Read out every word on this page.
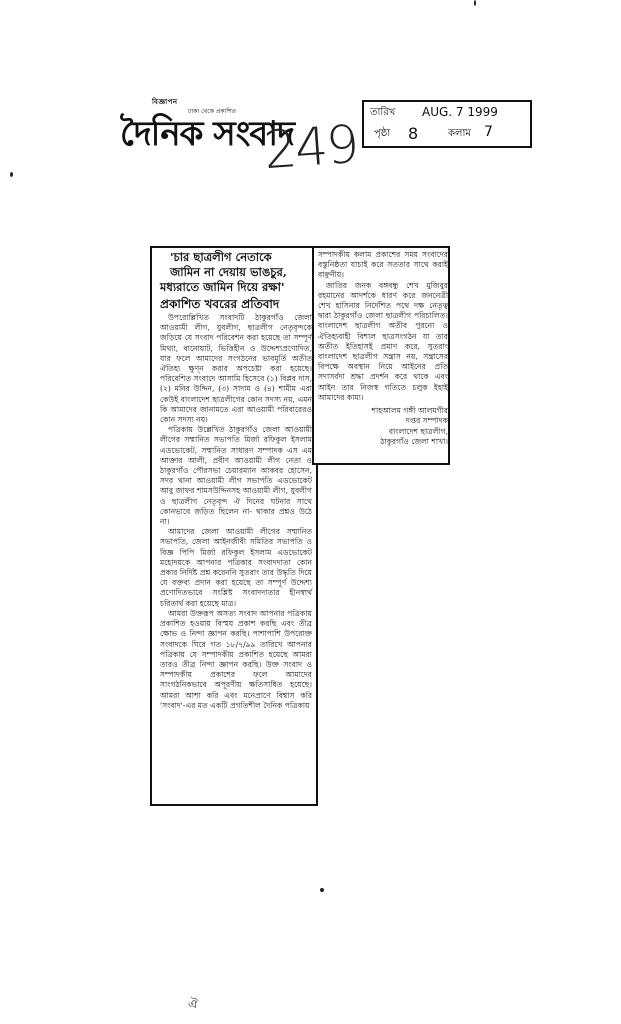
বিজ্ঞাপন
ঢাকা থেকে প্রকাশিত
দৈনিক সংবাদ
249
তারিখ AUG. 7 1999
পৃষ্ঠা 8	কলাম 7

'চার ছাত্রলীগ নেতাকে

জামিন না দেয়ায় ভাঙচুর,

মধ্যরাতে জামিন দিয়ে রক্ষা'

প্রকাশিত খবরের প্রতিবাদ

উপরোল্লিখিত সংবাদটি ঠাকুরগাঁও জেলা আওয়ামী লীগ, যুবলীগ, ছাত্রলীগ নেতৃবৃন্দকে জড়িয়ে যে সংবাদ পরিবেশন করা হয়েছে তা সম্পূর্ণ মিথ্যা, বানোয়াট, ভিত্তিহীন ও উদ্দেশ্যপ্রণোদিত, যার ফলে আমাদের সংগঠনের ভাবমূর্তি অতীত ঐতিহ্য ক্ষুণ্ন করার অপচেষ্টা করা হয়েছে। পরিবেশিত সংবাদে আসামি হিসেবে (১) বিপ্লব দাস, (২) মনির উদ্দিন, (৩) সাদাম ও (৪) শামীম এরা কেউই বাংলাদেশ ছাত্রলীগের কোন সদস্য নয়, এমন কি আমাদের জানামতে এরা আওয়ামী পরিবারেরও কোন সদস্য নয়।

পত্রিকায় উল্লেখিত ঠাকুরগাঁও জেলা আওয়ামী লীগের সম্মানিত সভাপতি মির্জা রফিকুল ইসলাম এডভোকেট, সম্মানিত সাধারণ সম্পাদক এস এম আক্তার আলী, প্রবীণ আওয়ামী লীগ নেতা ও ঠাকুরগাঁও পৌরসভা চেয়ারম্যান আকবর হোসেন, সদর থানা আওয়ামী লীগ সভাপতি এডভোকেট আবু জাফর শামসউদ্দিনসহ আওয়ামী লীগ, যুবলীগ ও ছাত্রলীগ নেতৃবৃন্দ ঐ দিনের ঘটনার সাথে কোনভাবে জড়িত ছিলেন না- থাকার প্রশ্নও উঠে না।

আমাদের জেলা আওয়ামী লীগের সম্মানিত সভাপতি, জেলা আইনজীবী সমিতির সভাপতি ও বিজ্ঞ পিপি মির্জা রফিকুল ইসলাম এডভোকেট মহোদয়কে আপনার পত্রিকার সংবাদদাতা কোন প্রকার নির্দিষ্ট প্রশ্ন করেননি সুতরাং তার উদ্ধৃতি দিয়ে যে বক্তব্য প্রদান করা হয়েছে তা সম্পূর্ণ উদ্দেশ্য প্রণোদিতভাবে সংশ্লিষ্ট সংবাদদাতার হীনস্বার্থ চরিতার্থ করা হয়েছে মাত্র।

আমরা উক্তরূপ অসত্য সংবাদ আপনার পত্রিকায় প্রকাশিত হওয়ায় বিস্ময় প্রকাশ করছি এবং তীব্র ক্ষোভ ও নিন্দা জ্ঞাপন করছি। পাশাপাশি উপরোক্ত সংবাদকে ঘিরে গত ১৮/৭/৯৯ তারিখে আপনার পত্রিকায় যে সম্পাদকীয় প্রকাশিত হয়েছে আমরা তারও তীব্র নিন্দা জ্ঞাপন করছি। উক্ত সংবাদ ও সম্পাদকীয় প্রকাশের ফলে আমাদের সাংগঠনিকভাবে অপূরণীয় ক্ষতিসাধিত হয়েছে। আমরা আশা করি এবং মনেপ্রাণে বিশ্বাস করি 'সংবাদ'-এর মত একটি প্রগতিশীল দৈনিক পত্রিকায়

সম্পাদকীয় কলাম প্রকাশের সময় সংবাদের বস্তুনিষ্ঠতা যাচাই করে সততার সাথে করাই বাঞ্ছনীয়।

জাতির জনক বঙ্গবন্ধু শেখ মুজিবুর রহমানের আদর্শকে ধারণ করে জননেত্রী শেখ হাসিনার নির্দেশিত পথে দক্ষ নেতৃত্ব দ্বারা ঠাকুরগাঁও জেলা ছাত্রলীগ পরিচালিত। বাংলাদেশ ছাত্রলীগ অতীব পুরনো ও ঐতিহ্যবাহী বিশাল ছাত্রসংগঠন যা তার অতীত ইতিহাসই প্রমাণ করে, সুতরাং বাংলাদেশ ছাত্রলীগ সন্ত্রাস নয়, সন্ত্রাসের বিপক্ষে অবস্থান নিয়ে আইনের প্রতি সদাসর্বদা শ্রদ্ধা প্রদর্শন করে থাকে এবং আইন তার নিজস্ব গতিতে চলুক ইহাই আমাদের কাম্য।

শাহআলম গঙ্গী আলমগীর

দপ্তর সম্পাদক

বাংলাদেশ ছাত্রলীগ,

ঠাকুরগাঁও জেলা শাখা।

ঐ
